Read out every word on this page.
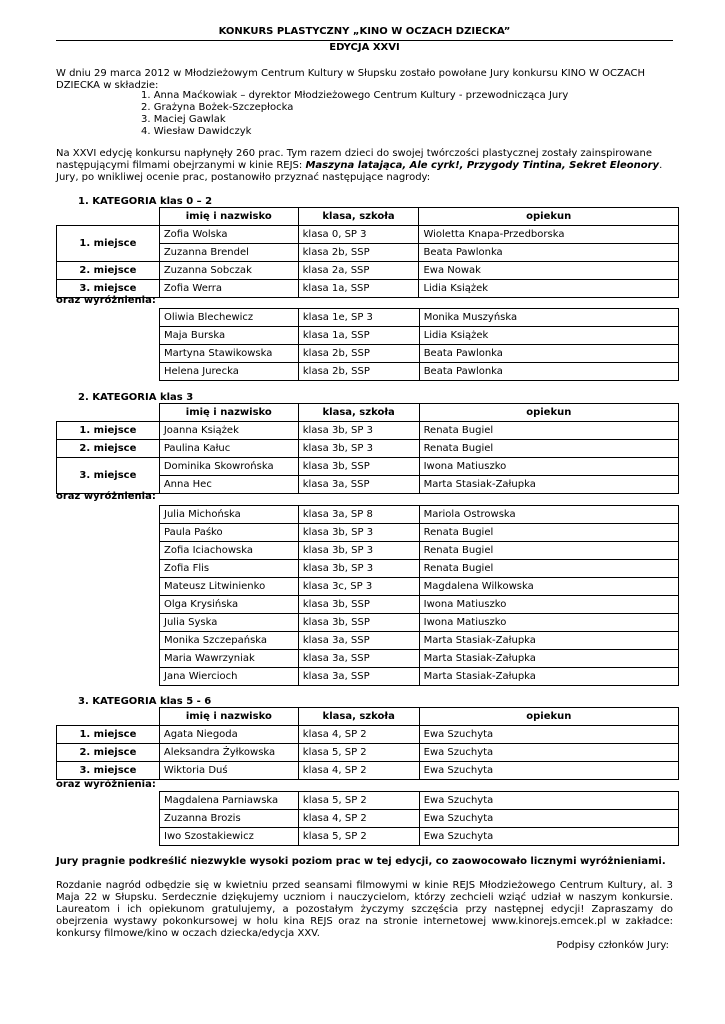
KONKURS PLASTYCZNY „KINO W OCZACH DZIECKA”
EDYCJA XXVI
W dniu 29 marca 2012 w Młodzieżowym Centrum Kultury w Słupsku zostało powołane Jury konkursu KINO W OCZACH DZIECKA w składzie:
1. Anna Maćkowiak – dyrektor Młodzieżowego Centrum Kultury - przewodnicząca Jury
2. Grażyna Bożek-Szczepłocka
3. Maciej Gawlak
4. Wiesław Dawidczyk
Na XXVI edycję konkursu napłynęły 260 prac. Tym razem dzieci do swojej twórczości plastycznej zostały zainspirowane następującymi filmami obejrzanymi w kinie REJS: Maszyna latająca, Ale cyrk!, Przygody Tintina, Sekret Eleonory. Jury, po wnikliwej ocenie prac, postanowiło przyznać następujące nagrody:
1. KATEGORIA klas 0 – 2
	imię i nazwisko	klasa, szkoła	opiekun
1. miejsce	Zofia Wolska	klasa 0, SP 3	Wioletta Knapa-Przedborska
	Zuzanna Brendel	klasa 2b, SSP	Beata Pawlonka
2. miejsce	Zuzanna Sobczak	klasa 2a, SSP	Ewa Nowak
3. miejsce	Zofia Werra	klasa 1a, SSP	Lidia Książek
oraz wyróżnienia:
Oliwia Blechewicz	klasa 1e, SP 3	Monika Muszyńska
Maja Burska	klasa 1a, SSP	Lidia Książek
Martyna Stawikowska	klasa 2b, SSP	Beata Pawlonka
Helena Jurecka	klasa 2b, SSP	Beata Pawlonka
2. KATEGORIA klas 3
	imię i nazwisko	klasa, szkoła	opiekun
1. miejsce	Joanna Książek	klasa 3b, SP 3	Renata Bugiel
2. miejsce	Paulina Kałuc	klasa 3b, SP 3	Renata Bugiel
3. miejsce	Dominika Skowrońska	klasa 3b, SSP	Iwona Matiuszko
	Anna Hec	klasa 3a, SSP	Marta Stasiak-Załupka
oraz wyróżnienia:
Julia Michońska	klasa 3a, SP 8	Mariola Ostrowska
Paula Paśko	klasa 3b, SP 3	Renata Bugiel
Zofia Iciachowska	klasa 3b, SP 3	Renata Bugiel
Zofia Flis	klasa 3b, SP 3	Renata Bugiel
Mateusz Litwinienko	klasa 3c, SP 3	Magdalena Wilkowska
Olga Krysińska	klasa 3b, SSP	Iwona Matiuszko
Julia Syska	klasa 3b, SSP	Iwona Matiuszko
Monika Szczepańska	klasa 3a, SSP	Marta Stasiak-Załupka
Maria Wawrzyniak	klasa 3a, SSP	Marta Stasiak-Załupka
Jana Wiercioch	klasa 3a, SSP	Marta Stasiak-Załupka
3. KATEGORIA klas 5 - 6
	imię i nazwisko	klasa, szkoła	opiekun
1. miejsce	Agata Niegoda	klasa 4, SP 2	Ewa Szuchyta
2. miejsce	Aleksandra Żyłkowska	klasa 5, SP 2	Ewa Szuchyta
3. miejsce	Wiktoria Duś	klasa 4, SP 2	Ewa Szuchyta
oraz wyróżnienia:
Magdalena Parniawska	klasa 5, SP 2	Ewa Szuchyta
Zuzanna Brozis	klasa 4, SP 2	Ewa Szuchyta
Iwo Szostakiewicz	klasa 5, SP 2	Ewa Szuchyta
Jury pragnie podkreślić niezwykle wysoki poziom prac w tej edycji, co zaowocowało licznymi wyróżnieniami.
Rozdanie nagród odbędzie się w kwietniu przed seansami filmowymi w kinie REJS Młodzieżowego Centrum Kultury, al. 3 Maja 22 w Słupsku. Serdecznie dziękujemy uczniom i nauczycielom, którzy zechcieli wziąć udział w naszym konkursie. Laureatom i ich opiekunom gratulujemy, a pozostałym życzymy szczęścia przy następnej edycji! Zapraszamy do obejrzenia wystawy pokonkursowej w holu kina REJS oraz na stronie internetowej www.kinorejs.emcek.pl w zakładce: konkursy filmowe/kino w oczach dziecka/edycja XXV.
Podpisy członków Jury:
